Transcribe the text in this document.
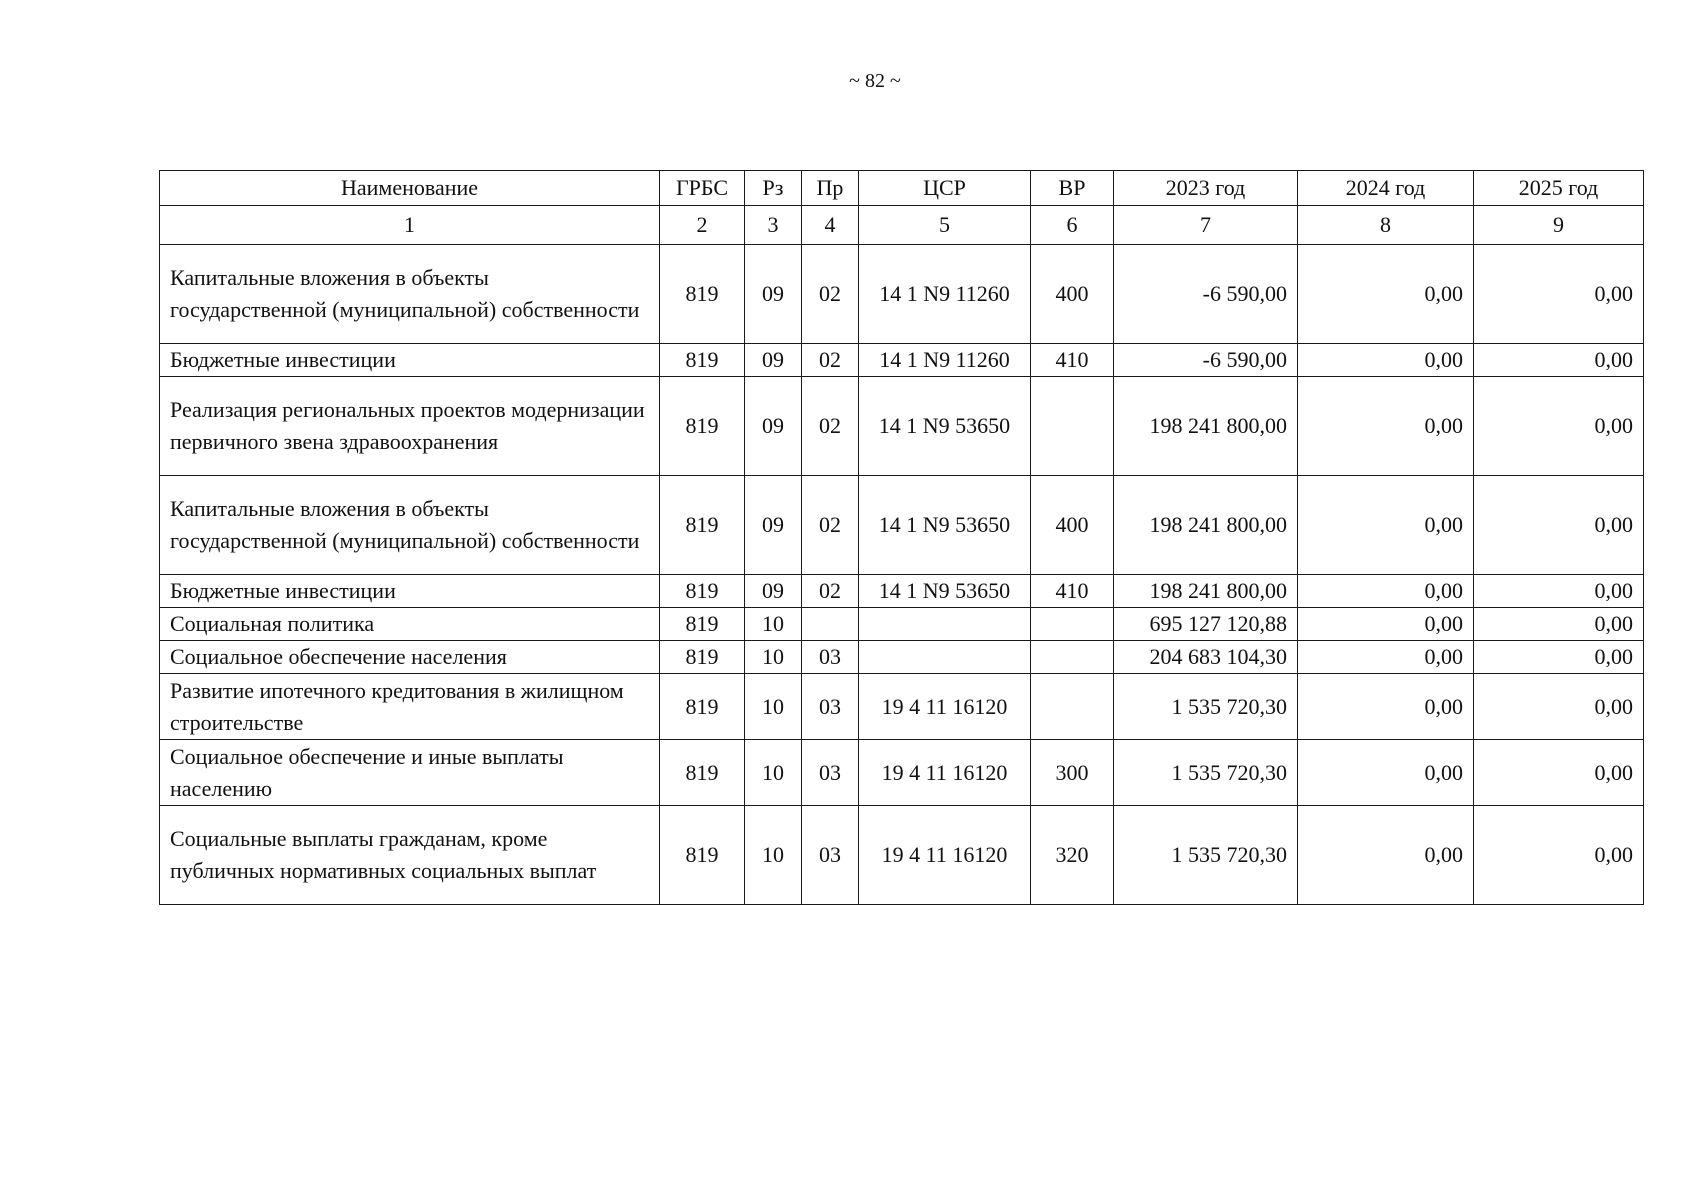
~ 82 ~
Наименование	ГРБС	Рз	Пр	ЦСР	ВР	2023 год	2024 год	2025 год
1	2	3	4	5	6	7	8	9
Капитальные вложения в объекты государственной (муниципальной) собственности	819	09	02	14 1 N9 11260	400	-6 590,00	0,00	0,00
Бюджетные инвестиции	819	09	02	14 1 N9 11260	410	-6 590,00	0,00	0,00
Реализация региональных проектов модернизации первичного звена здравоохранения	819	09	02	14 1 N9 53650		198 241 800,00	0,00	0,00
Капитальные вложения в объекты государственной (муниципальной) собственности	819	09	02	14 1 N9 53650	400	198 241 800,00	0,00	0,00
Бюджетные инвестиции	819	09	02	14 1 N9 53650	410	198 241 800,00	0,00	0,00
Социальная политика	819	10				695 127 120,88	0,00	0,00
Социальное обеспечение населения	819	10	03			204 683 104,30	0,00	0,00
Развитие ипотечного кредитования в жилищном строительстве	819	10	03	19 4 11 16120		1 535 720,30	0,00	0,00
Социальное обеспечение и иные выплаты населению	819	10	03	19 4 11 16120	300	1 535 720,30	0,00	0,00
Социальные выплаты гражданам, кроме публичных нормативных социальных выплат	819	10	03	19 4 11 16120	320	1 535 720,30	0,00	0,00
